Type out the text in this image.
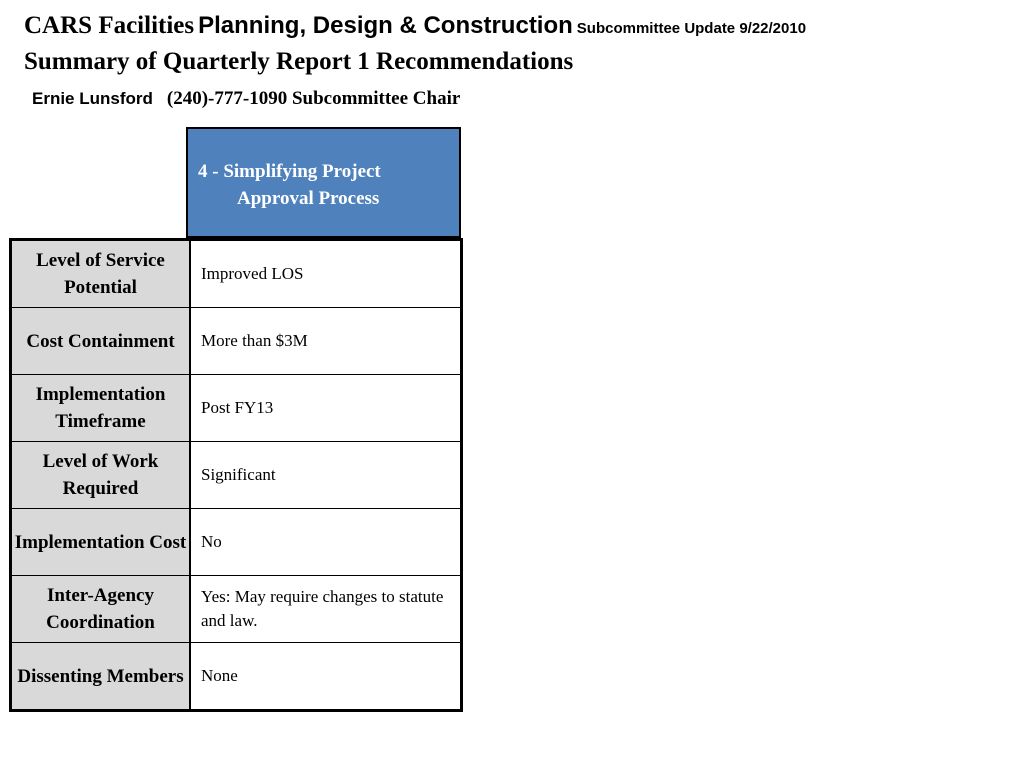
CARS Facilities Planning, Design & Construction Subcommittee Update 9/22/2010
Summary of Quarterly Report 1 Recommendations
Ernie Lunsford (240)-777-1090 Subcommittee Chair
4 - Simplifying Project
Approval Process
Level of Service Potential	Improved LOS
Cost Containment	More than $3M
Implementation Timeframe	Post FY13
Level of Work Required	Significant
Implementation Cost	No
Inter-Agency Coordination	Yes: May require changes to statute and law.
Dissenting Members	None
